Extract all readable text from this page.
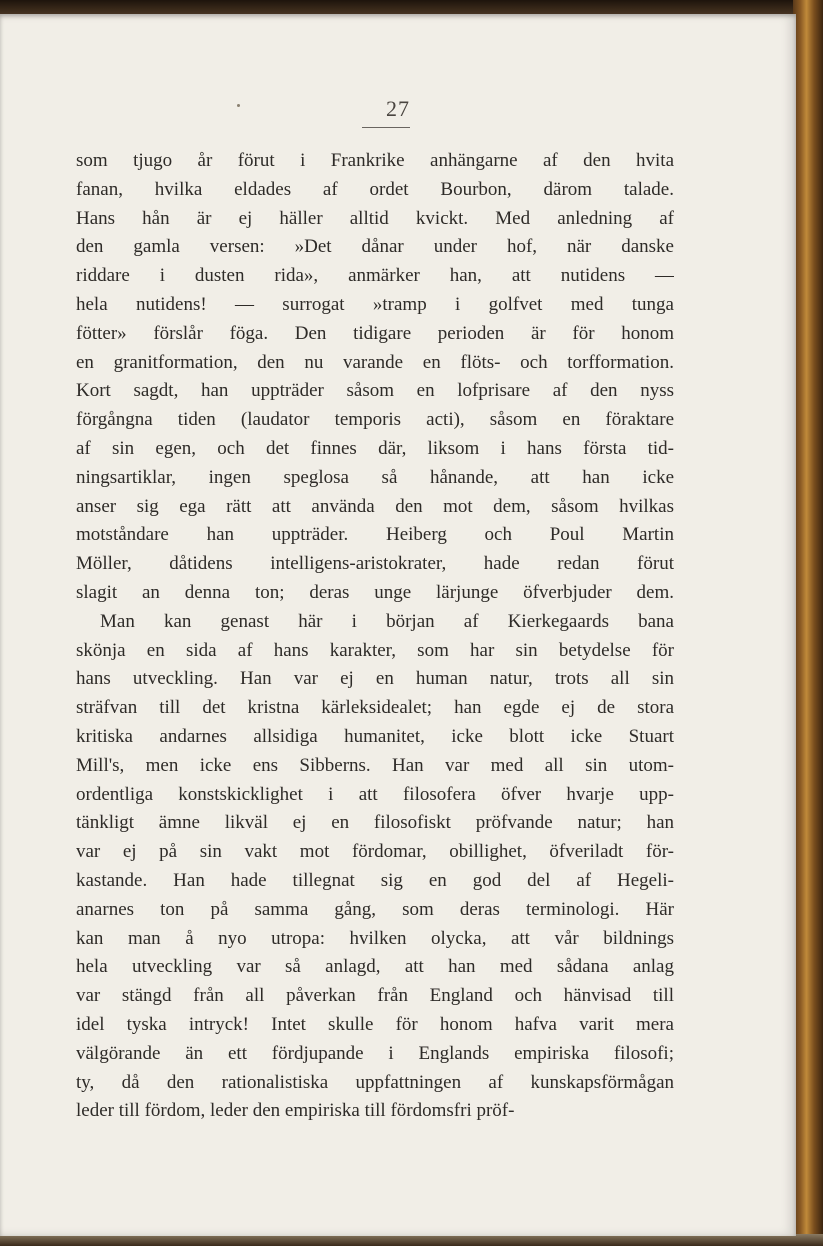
27

som tjugo år förut i Frankrike anhängarne af den hvita
fanan, hvilka eldades af ordet Bourbon, därom talade.
Hans hån är ej häller alltid kvickt. Med anledning af
den gamla versen: »Det dånar under hof, när danske
riddare i dusten rida», anmärker han, att nutidens —
hela nutidens! — surrogat »tramp i golfvet med tunga
fötter» förslår föga. Den tidigare perioden är för honom
en granitformation, den nu varande en flöts- och torfformation.
Kort sagdt, han uppträder såsom en lofprisare af den nyss
förgångna tiden (laudator temporis acti), såsom en föraktare
af sin egen, och det finnes där, liksom i hans första tid-
ningsartiklar, ingen speglosa så hånande, att han icke
anser sig ega rätt att använda den mot dem, såsom hvilkas
motståndare han uppträder. Heiberg och Poul Martin
Möller, dåtidens intelligens-aristokrater, hade redan förut
slagit an denna ton; deras unge lärjunge öfverbjuder dem.
Man kan genast här i början af Kierkegaards bana
skönja en sida af hans karakter, som har sin betydelse för
hans utveckling. Han var ej en human natur, trots all sin
sträfvan till det kristna kärleksidealet; han egde ej de stora
kritiska andarnes allsidiga humanitet, icke blott icke Stuart
Mill's, men icke ens Sibberns. Han var med all sin utom-
ordentliga konstskicklighet i att filosofera öfver hvarje upp-
tänkligt ämne likväl ej en filosofiskt pröfvande natur; han
var ej på sin vakt mot fördomar, obillighet, öfveriladt för-
kastande. Han hade tillegnat sig en god del af Hegeli-
anarnes ton på samma gång, som deras terminologi. Här
kan man å nyo utropa: hvilken olycka, att vår bildnings
hela utveckling var så anlagd, att han med sådana anlag
var stängd från all påverkan från England och hänvisad till
idel tyska intryck! Intet skulle för honom hafva varit mera
välgörande än ett fördjupande i Englands empiriska filosofi;
ty, då den rationalistiska uppfattningen af kunskapsförmågan
leder till fördom, leder den empiriska till fördomsfri pröf-
